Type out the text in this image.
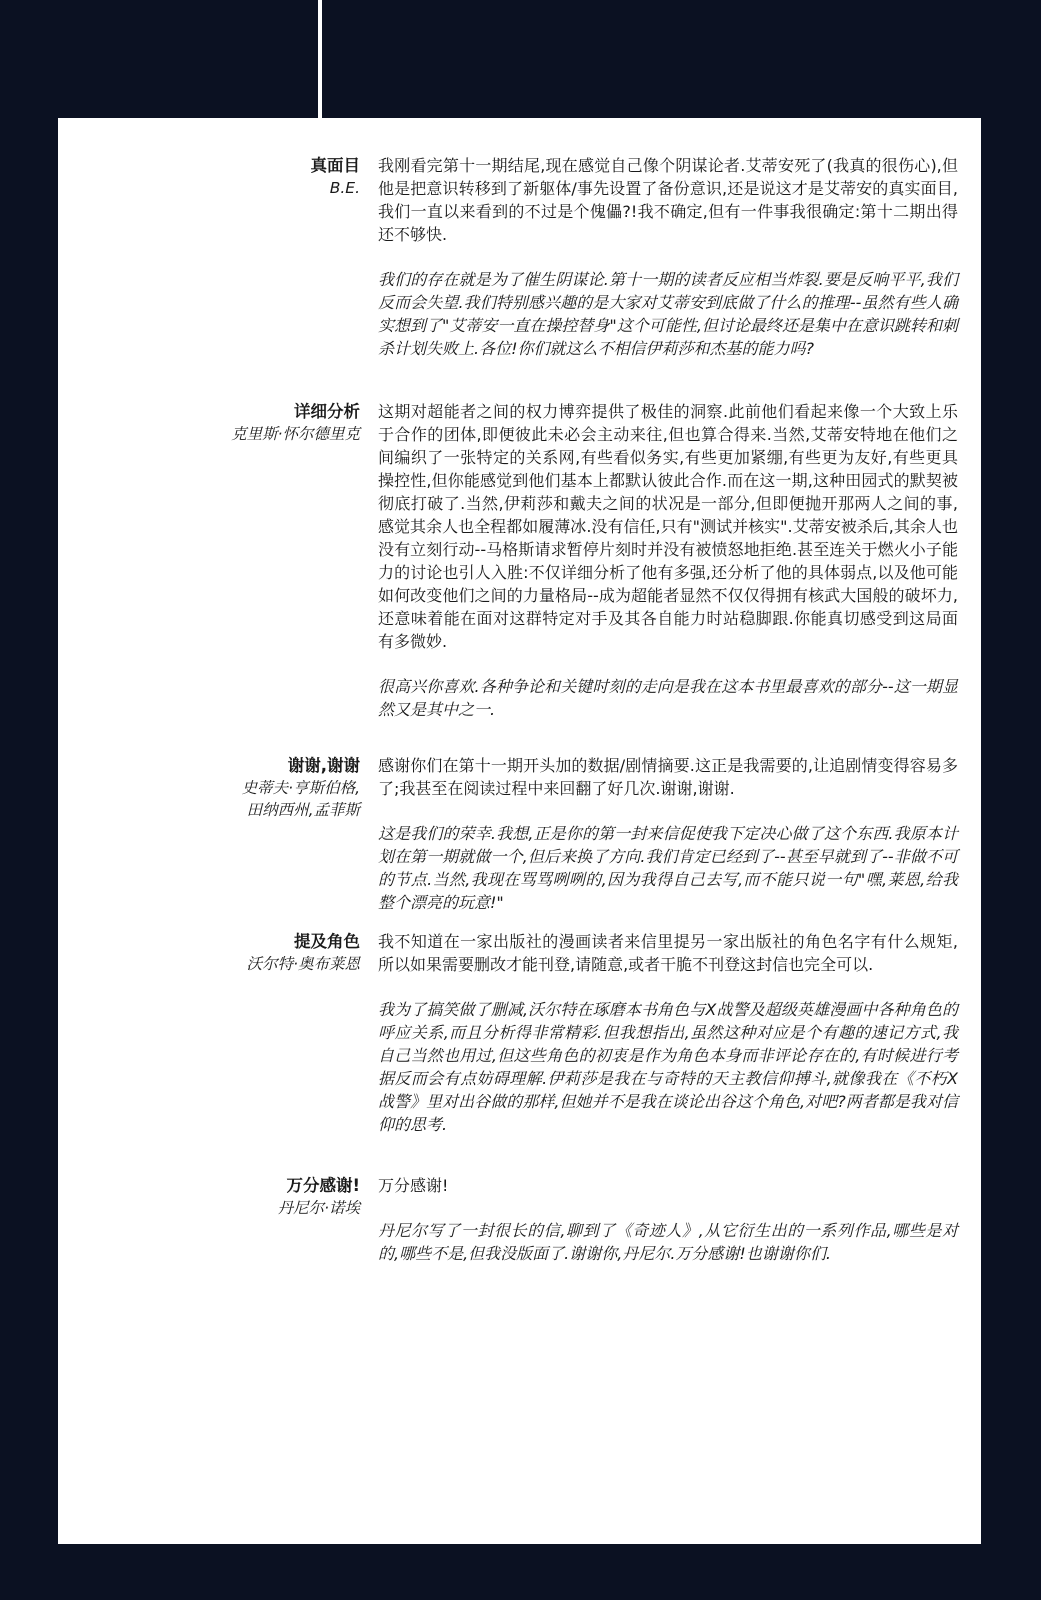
真面目
B.E.

我刚看完第十一期结尾,现在感觉自己像个阴谋论者.艾蒂安死了(我真的很伤心),但他是把意识转移到了新躯体/事先设置了备份意识,还是说这才是艾蒂安的真实面目,我们一直以来看到的不过是个傀儡?!我不确定,但有一件事我很确定:第十二期出得还不够快.

我们的存在就是为了催生阴谋论.第十一期的读者反应相当炸裂.要是反响平平,我们反而会失望.我们特别感兴趣的是大家对艾蒂安到底做了什么的推理--虽然有些人确实想到了"艾蒂安一直在操控替身"这个可能性,但讨论最终还是集中在意识跳转和刺杀计划失败上.各位!你们就这么不相信伊莉莎和杰基的能力吗?

详细分析
克里斯·怀尔德里克

这期对超能者之间的权力博弈提供了极佳的洞察.此前他们看起来像一个大致上乐于合作的团体,即便彼此未必会主动来往,但也算合得来.当然,艾蒂安特地在他们之间编织了一张特定的关系网,有些看似务实,有些更加紧绷,有些更为友好,有些更具操控性,但你能感觉到他们基本上都默认彼此合作.而在这一期,这种田园式的默契被彻底打破了.当然,伊莉莎和戴夫之间的状况是一部分,但即便抛开那两人之间的事,感觉其余人也全程都如履薄冰.没有信任,只有"测试并核实".艾蒂安被杀后,其余人也没有立刻行动--马格斯请求暂停片刻时并没有被愤怒地拒绝.甚至连关于燃火小子能力的讨论也引人入胜:不仅详细分析了他有多强,还分析了他的具体弱点,以及他可能如何改变他们之间的力量格局--成为超能者显然不仅仅得拥有核武大国般的破坏力,还意味着能在面对这群特定对手及其各自能力时站稳脚跟.你能真切感受到这局面有多微妙.

很高兴你喜欢.各种争论和关键时刻的走向是我在这本书里最喜欢的部分--这一期显然又是其中之一.

谢谢,谢谢
史蒂夫·亨斯伯格,
田纳西州,孟菲斯

感谢你们在第十一期开头加的数据/剧情摘要.这正是我需要的,让追剧情变得容易多了;我甚至在阅读过程中来回翻了好几次.谢谢,谢谢.

这是我们的荣幸.我想,正是你的第一封来信促使我下定决心做了这个东西.我原本计划在第一期就做一个,但后来换了方向.我们肯定已经到了--甚至早就到了--非做不可的节点.当然,我现在骂骂咧咧的,因为我得自己去写,而不能只说一句"嘿,莱恩,给我整个漂亮的玩意!"

提及角色
沃尔特·奥布莱恩

我不知道在一家出版社的漫画读者来信里提另一家出版社的角色名字有什么规矩,所以如果需要删改才能刊登,请随意,或者干脆不刊登这封信也完全可以.

我为了搞笑做了删减,沃尔特在琢磨本书角色与X战警及超级英雄漫画中各种角色的呼应关系,而且分析得非常精彩.但我想指出,虽然这种对应是个有趣的速记方式,我自己当然也用过,但这些角色的初衷是作为角色本身而非评论存在的,有时候进行考据反而会有点妨碍理解.伊莉莎是我在与奇特的天主教信仰搏斗,就像我在《不朽X战警》里对出谷做的那样,但她并不是我在谈论出谷这个角色,对吧?两者都是我对信仰的思考.

万分感谢!
丹尼尔·诺埃

万分感谢!

丹尼尔写了一封很长的信,聊到了《奇迹人》,从它衍生出的一系列作品,哪些是对的,哪些不是,但我没版面了.谢谢你,丹尼尔.万分感谢!也谢谢你们.
